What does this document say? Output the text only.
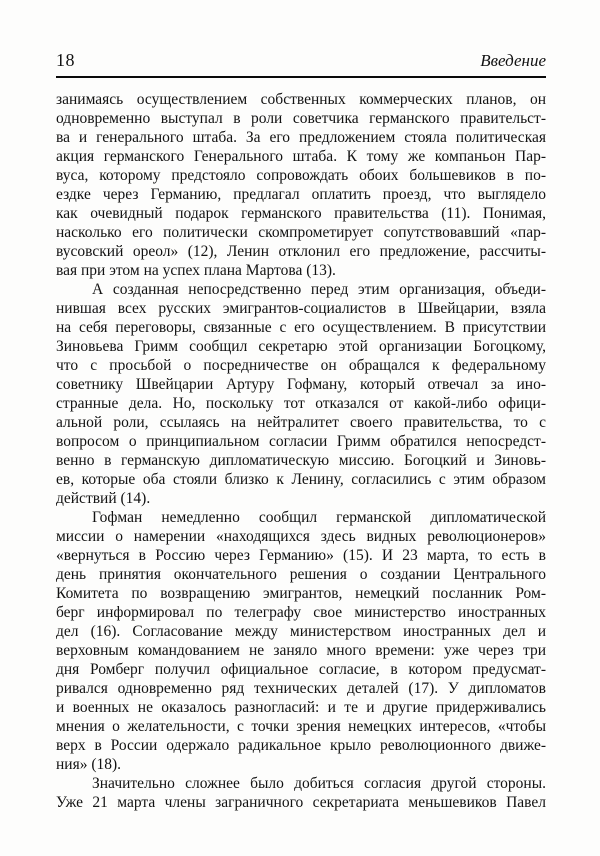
18	Введение
занимаясь осуществлением собственных коммерческих планов, он
одновременно выступал в роли советчика германского правительст-
ва и генерального штаба. За его предложением стояла политическая
акция германского Генерального штаба. К тому же компаньон Пар-
вуса, которому предстояло сопровождать обоих большевиков в по-
ездке через Германию, предлагал оплатить проезд, что выглядело
как очевидный подарок германского правительства (11). Понимая,
насколько его политически скомпрометирует сопутствовавший «пар-
вусовский ореол» (12), Ленин отклонил его предложение, рассчиты-
вая при этом на успех плана Мартова (13).
А созданная непосредственно перед этим организация, объеди-
нившая всех русских эмигрантов-социалистов в Швейцарии, взяла
на себя переговоры, связанные с его осуществлением. В присутствии
Зиновьева Гримм сообщил секретарю этой организации Богоцкому,
что с просьбой о посредничестве он обращался к федеральному
советнику Швейцарии Артуру Гофману, который отвечал за ино-
странные дела. Но, поскольку тот отказался от какой-либо офици-
альной роли, ссылаясь на нейтралитет своего правительства, то с
вопросом о принципиальном согласии Гримм обратился непосредст-
венно в германскую дипломатическую миссию. Богоцкий и Зиновь-
ев, которые оба стояли близко к Ленину, согласились с этим образом
действий (14).
Гофман немедленно сообщил германской дипломатической
миссии о намерении «находящихся здесь видных революционеров»
«вернуться в Россию через Германию» (15). И 23 марта, то есть в
день принятия окончательного решения о создании Центрального
Комитета по возвращению эмигрантов, немецкий посланник Ром-
берг информировал по телеграфу свое министерство иностранных
дел (16). Согласование между министерством иностранных дел и
верховным командованием не заняло много времени: уже через три
дня Ромберг получил официальное согласие, в котором предусмат-
ривался одновременно ряд технических деталей (17). У дипломатов
и военных не оказалось разногласий: и те и другие придерживались
мнения о желательности, с точки зрения немецких интересов, «чтобы
верх в России одержало радикальное крыло революционного движе-
ния» (18).
Значительно сложнее было добиться согласия другой стороны.
Уже 21 марта члены заграничного секретариата меньшевиков Павел
